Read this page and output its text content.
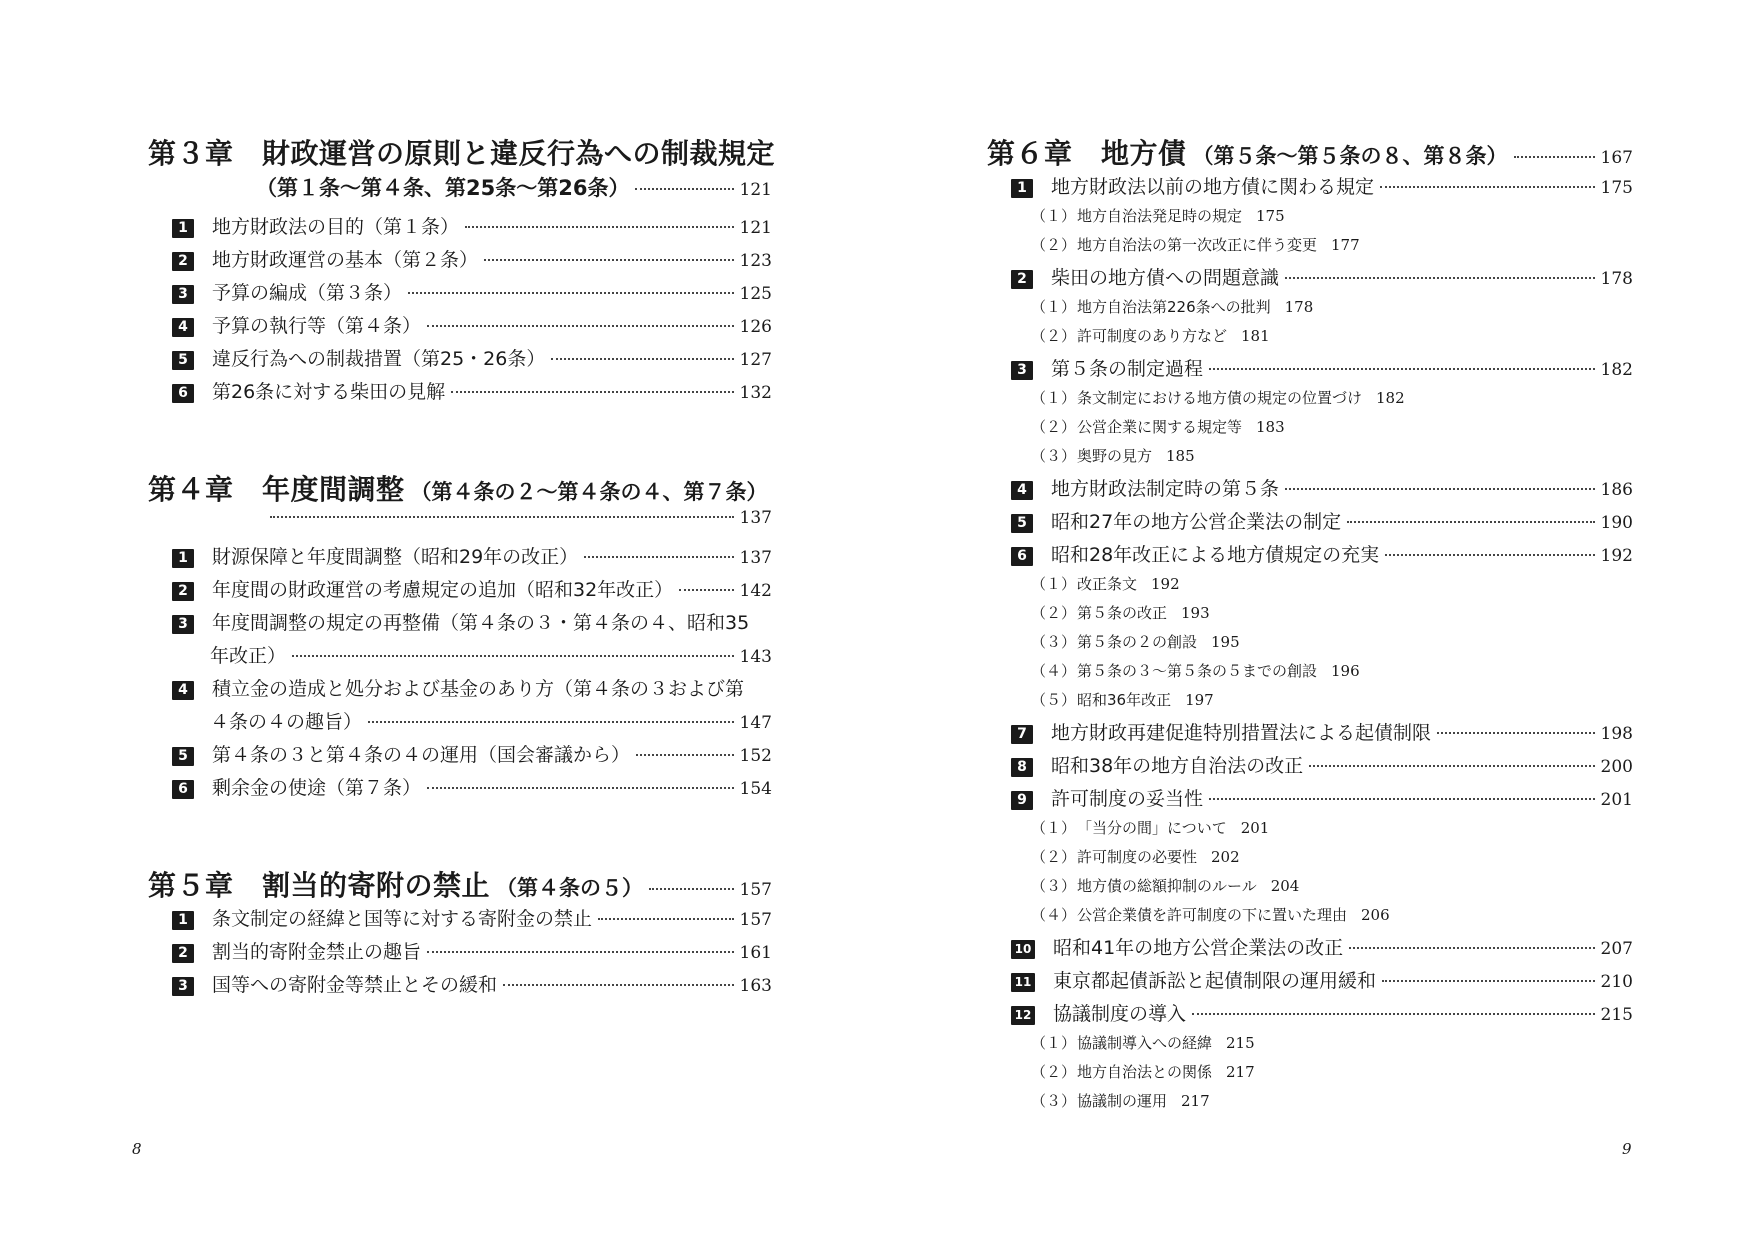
第３章　財政運営の原則と違反行為への制裁規定
（第１条〜第４条、第25条〜第26条）	121
1	地方財政法の目的（第１条）	121
2	地方財政運営の基本（第２条）	123
3	予算の編成（第３条）	125
4	予算の執行等（第４条）	126
5	違反行為への制裁措置（第25・26条）	127
6	第26条に対する柴田の見解	132
第４章　年度間調整 （第４条の２〜第４条の４、第７条）
137
1	財源保障と年度間調整（昭和29年の改正）	137
2	年度間の財政運営の考慮規定の追加（昭和32年改正）	142
3	年度間調整の規定の再整備（第４条の３・第４条の４、昭和35
年改正）	143
4	積立金の造成と処分および基金のあり方（第４条の３および第
４条の４の趣旨）	147
5	第４条の３と第４条の４の運用（国会審議から）	152
6	剰余金の使途（第７条）	154
第５章　割当的寄附の禁止 （第４条の５）	157
1	条文制定の経緯と国等に対する寄附金の禁止	157
2	割当的寄附金禁止の趣旨	161
3	国等への寄附金等禁止とその緩和	163
8
第６章　地方債 （第５条〜第５条の８、第８条）	167
1	地方財政法以前の地方債に関わる規定	175
（１） 地方自治法発足時の規定 175
（２） 地方自治法の第一次改正に伴う変更 177
2	柴田の地方債への問題意識	178
（１） 地方自治法第226条への批判 178
（２） 許可制度のあり方など 181
3	第５条の制定過程	182
（１） 条文制定における地方債の規定の位置づけ 182
（２） 公営企業に関する規定等 183
（３） 奥野の見方 185
4	地方財政法制定時の第５条	186
5	昭和27年の地方公営企業法の制定	190
6	昭和28年改正による地方債規定の充実	192
（１） 改正条文 192
（２） 第５条の改正 193
（３） 第５条の２の創設 195
（４） 第５条の３〜第５条の５までの創設 196
（５） 昭和36年改正 197
7	地方財政再建促進特別措置法による起債制限	198
8	昭和38年の地方自治法の改正	200
9	許可制度の妥当性	201
（１） 「当分の間」について 201
（２） 許可制度の必要性 202
（３） 地方債の総額抑制のルール 204
（４） 公営企業債を許可制度の下に置いた理由 206
10 昭和41年の地方公営企業法の改正	207
11 東京都起債訴訟と起債制限の運用緩和	210
12 協議制度の導入	215
（１） 協議制導入への経緯 215
（２） 地方自治法との関係 217
（３） 協議制の運用 217
9
